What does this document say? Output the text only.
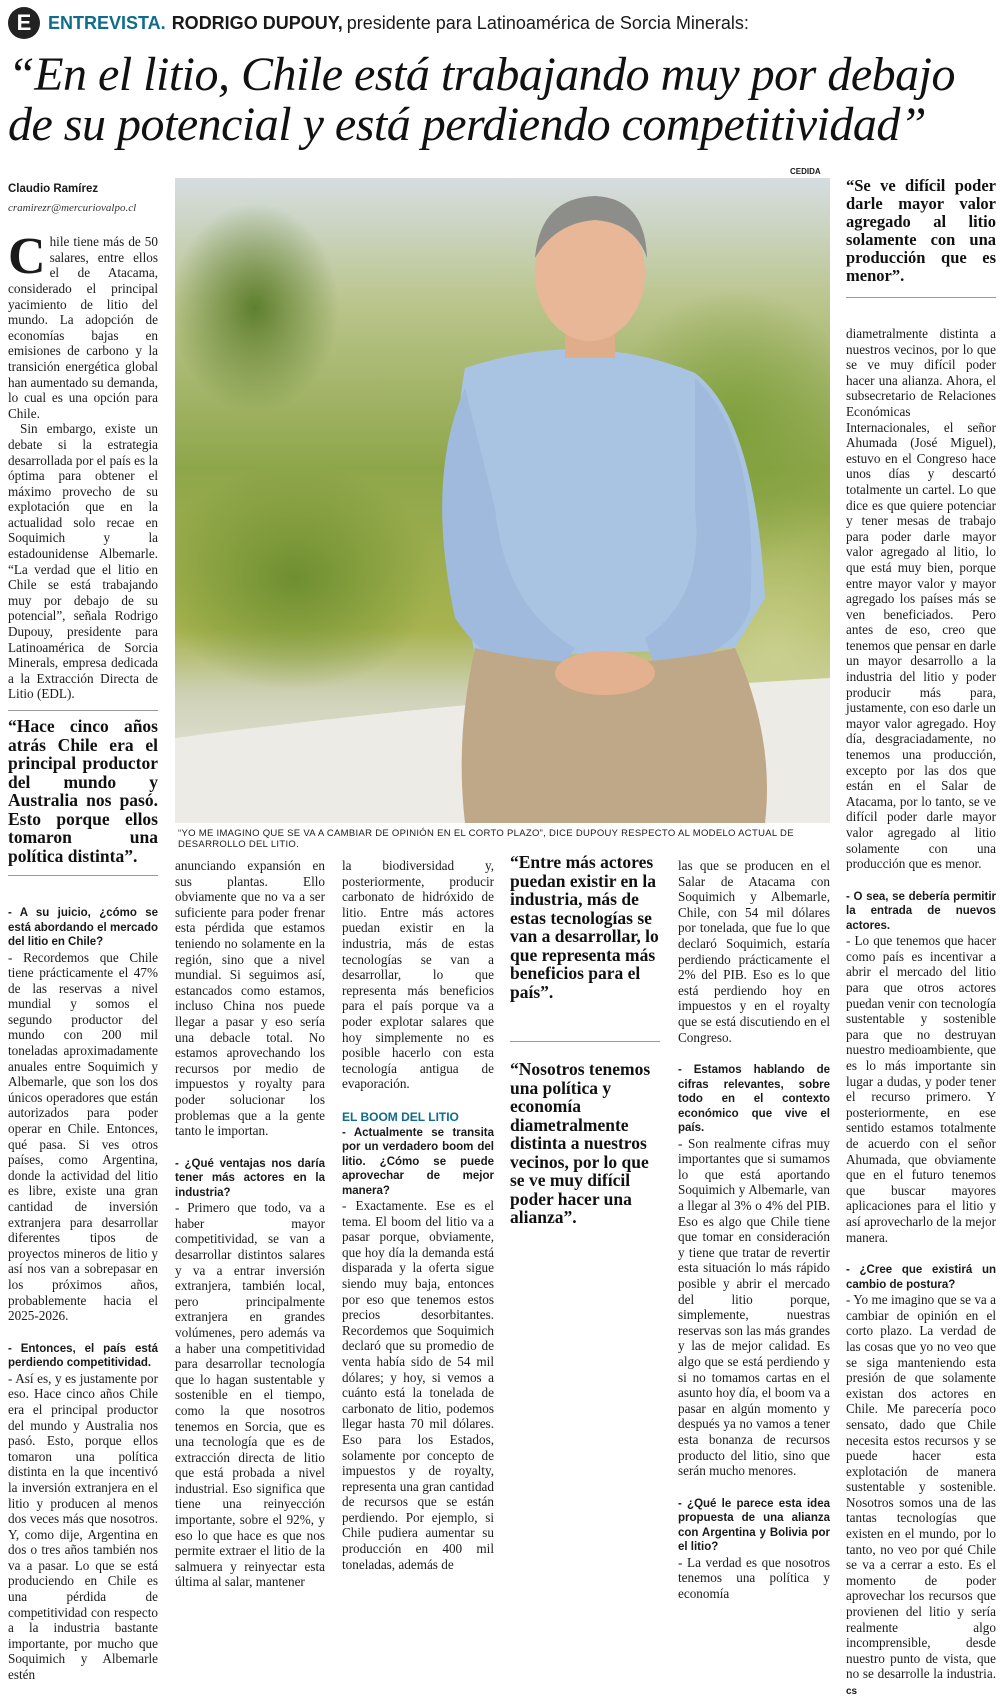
E ENTREVISTA. RODRIGO DUPOUY, presidente para Latinoamérica de Sorcia Minerals:
“En el litio, Chile está trabajando muy por debajo de su potencial y está perdiendo competitividad”
Claudio Ramírez
cramirezr@mercuriovalpo.cl

Chile tiene más de 50 salares, entre ellos el de Atacama, considerado el principal yacimiento de litio del mundo. La adopción de economías bajas en emisiones de carbono y la transición energética global han aumentado su demanda, lo cual es una opción para Chile.

Sin embargo, existe un debate si la estrategia desarrollada por el país es la óptima para obtener el máximo provecho de su explotación que en la actualidad solo recae en Soquimich y la estadounidense Albemarle. “La verdad que el litio en Chile se está trabajando muy por debajo de su potencial”, señala Rodrigo Dupouy, presidente para Latinoamérica de Sorcia Minerals, empresa dedicada a la Extracción Directa de Litio (EDL).

“Hace cinco años atrás Chile era el principal productor del mundo y Australia nos pasó. Esto porque ellos tomaron una política distinta”.
- A su juicio, ¿cómo se está abordando el mercado del litio en Chile?

- Recordemos que Chile tiene prácticamente el 47% de las reservas a nivel mundial y somos el segundo productor del mundo con 200 mil toneladas aproximadamente anuales entre Soquimich y Albemarle, que son los dos únicos operadores que están autorizados para poder operar en Chile. Entonces, qué pasa. Si ves otros países, como Argentina, donde la actividad del litio es libre, existe una gran cantidad de inversión extranjera para desarrollar diferentes tipos de proyectos mineros de litio y así nos van a sobrepasar en los próximos años, probablemente hacia el 2025-2026.

- Entonces, el país está perdiendo competitividad.

- Así es, y es justamente por eso. Hace cinco años Chile era el principal productor del mundo y Australia nos pasó. Esto, porque ellos tomaron una política distinta en la que incentivó la inversión extranjera en el litio y producen al menos dos veces más que nosotros. Y, como dije, Argentina en dos o tres años también nos va a pasar. Lo que se está produciendo en Chile es una pérdida de competitividad con respecto a la industria bastante importante, por mucho que Soquimich y Albemarle estén

CEDIDA
“YO ME IMAGINO QUE SE VA A CAMBIAR DE OPINIÓN EN EL CORTO PLAZO”, DICE DUPOUY RESPECTO AL MODELO ACTUAL DE DESARROLLO DEL LITIO.

anunciando expansión en sus plantas. Ello obviamente que no va a ser suficiente para poder frenar esta pérdida que estamos teniendo no solamente en la región, sino que a nivel mundial. Si seguimos así, estancados como estamos, incluso China nos puede llegar a pasar y eso sería una debacle total. No estamos aprovechando los recursos por medio de impuestos y royalty para poder solucionar los problemas que a la gente tanto le importan.

- ¿Qué ventajas nos daría tener más actores en la industria?

- Primero que todo, va a haber mayor competitividad, se van a desarrollar distintos salares y va a entrar inversión extranjera, también local, pero principalmente extranjera en grandes volúmenes, pero además va a haber una competitividad para desarrollar tecnología que lo hagan sustentable y sostenible en el tiempo, como la que nosotros tenemos en Sorcia, que es una tecnología que es de extracción directa de litio que está probada a nivel industrial. Eso significa que tiene una reinyección importante, sobre el 92%, y eso lo que hace es que nos permite extraer el litio de la salmuera y reinyectar esta última al salar, mantener

la biodiversidad y, posteriormente, producir carbonato de hidróxido de litio. Entre más actores puedan existir en la industria, más de estas tecnologías se van a desarrollar, lo que representa más beneficios para el país porque va a poder explotar salares que hoy simplemente no es posible hacerlo con esta tecnología antigua de evaporación.

EL BOOM DEL LITIO
- Actualmente se transita por un verdadero boom del litio. ¿Cómo se puede aprovechar de mejor manera?

- Exactamente. Ese es el tema. El boom del litio va a pasar porque, obviamente, que hoy día la demanda está disparada y la oferta sigue siendo muy baja, entonces por eso que tenemos estos precios desorbitantes. Recordemos que Soquimich declaró que su promedio de venta había sido de 54 mil dólares; y hoy, si vemos a cuánto está la tonelada de carbonato de litio, podemos llegar hasta 70 mil dólares. Eso para los Estados, solamente por concepto de impuestos y de royalty, representa una gran cantidad de recursos que se están perdiendo. Por ejemplo, si Chile pudiera aumentar su producción en 400 mil toneladas, además de

“Entre más actores puedan existir en la industria, más de estas tecnologías se van a desarrollar, lo que representa más beneficios para el país”.
“Nosotros tenemos una política y economía diametralmente distinta a nuestros vecinos, por lo que se ve muy difícil poder hacer una alianza”.

las que se producen en el Salar de Atacama con Soquimich y Albemarle, Chile, con 54 mil dólares por tonelada, que fue lo que declaró Soquimich, estaría perdiendo prácticamente el 2% del PIB. Eso es lo que está perdiendo hoy en impuestos y en el royalty que se está discutiendo en el Congreso.

- Estamos hablando de cifras relevantes, sobre todo en el contexto económico que vive el país.

- Son realmente cifras muy importantes que si sumamos lo que está aportando Soquimich y Albemarle, van a llegar al 3% o 4% del PIB. Eso es algo que Chile tiene que tomar en consideración y tiene que tratar de revertir esta situación lo más rápido posible y abrir el mercado del litio porque, simplemente, nuestras reservas son las más grandes y las de mejor calidad. Es algo que se está perdiendo y si no tomamos cartas en el asunto hoy día, el boom va a pasar en algún momento y después ya no vamos a tener esta bonanza de recursos producto del litio, sino que serán mucho menores.

- ¿Qué le parece esta idea propuesta de una alianza con Argentina y Bolivia por el litio?

- La verdad es que nosotros tenemos una política y economía

“Se ve difícil poder darle mayor valor agregado al litio solamente con una producción que es menor”.

diametralmente distinta a nuestros vecinos, por lo que se ve muy difícil poder hacer una alianza. Ahora, el subsecretario de Relaciones Económicas Internacionales, el señor Ahumada (José Miguel), estuvo en el Congreso hace unos días y descartó totalmente un cartel. Lo que dice es que quiere potenciar y tener mesas de trabajo para poder darle mayor valor agregado al litio, lo que está muy bien, porque entre mayor valor y mayor agregado los países más se ven beneficiados. Pero antes de eso, creo que tenemos que pensar en darle un mayor desarrollo a la industria del litio y poder producir más para, justamente, con eso darle un mayor valor agregado. Hoy día, desgraciadamente, no tenemos una producción, excepto por las dos que están en el Salar de Atacama, por lo tanto, se ve difícil poder darle mayor valor agregado al litio solamente con una producción que es menor.

- O sea, se debería permitir la entrada de nuevos actores.

- Lo que tenemos que hacer como país es incentivar a abrir el mercado del litio para que otros actores puedan venir con tecnología sustentable y sostenible para que no destruyan nuestro medioambiente, que es lo más importante sin lugar a dudas, y poder tener el recurso primero. Y posteriormente, en ese sentido estamos totalmente de acuerdo con el señor Ahumada, que obviamente que en el futuro tenemos que buscar mayores aplicaciones para el litio y así aprovecharlo de la mejor manera.

- ¿Cree que existirá un cambio de postura?

- Yo me imagino que se va a cambiar de opinión en el corto plazo. La verdad de las cosas que yo no veo que se siga manteniendo esta presión de que solamente existan dos actores en Chile. Me parecería poco sensato, dado que Chile necesita estos recursos y se puede hacer esta explotación de manera sustentable y sostenible. Nosotros somos una de las tantas tecnologías que existen en el mundo, por lo tanto, no veo por qué Chile se va a cerrar a esto. Es el momento de poder aprovechar los recursos que provienen del litio y sería realmente algo incomprensible, desde nuestro punto de vista, que no se desarrolle la industria. cs
